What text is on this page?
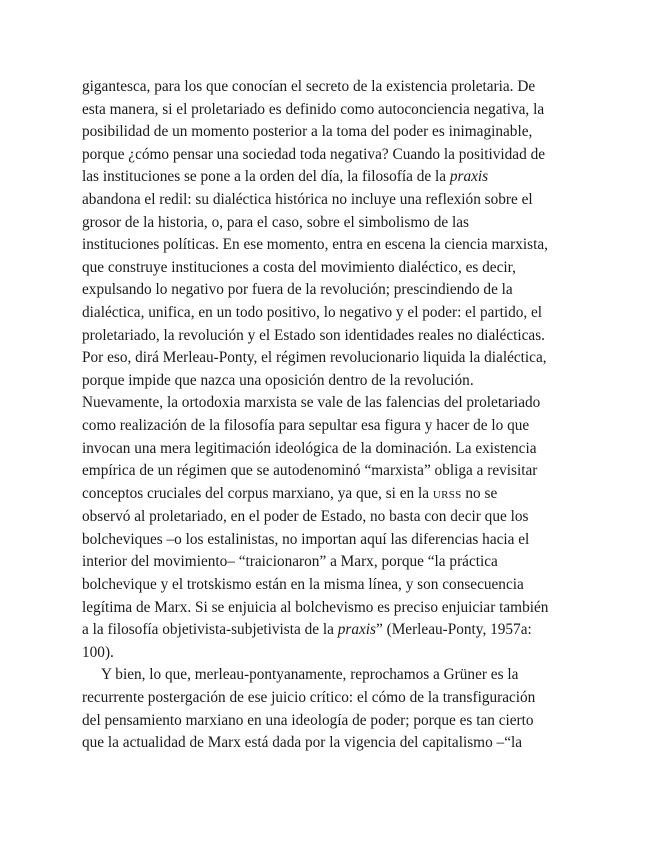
gigantesca, para los que conocían el secreto de la existencia proletaria. De
esta manera, si el proletariado es definido como autoconciencia negativa, la
posibilidad de un momento posterior a la toma del poder es inimaginable,
porque ¿cómo pensar una sociedad toda negativa? Cuando la positividad de
las instituciones se pone a la orden del día, la filosofía de la praxis
abandona el redil: su dialéctica histórica no incluye una reflexión sobre el
grosor de la historia, o, para el caso, sobre el simbolismo de las
instituciones políticas. En ese momento, entra en escena la ciencia marxista,
que construye instituciones a costa del movimiento dialéctico, es decir,
expulsando lo negativo por fuera de la revolución; prescindiendo de la
dialéctica, unifica, en un todo positivo, lo negativo y el poder: el partido, el
proletariado, la revolución y el Estado son identidades reales no dialécticas.
Por eso, dirá Merleau-Ponty, el régimen revolucionario liquida la dialéctica,
porque impide que nazca una oposición dentro de la revolución.
Nuevamente, la ortodoxia marxista se vale de las falencias del proletariado
como realización de la filosofía para sepultar esa figura y hacer de lo que
invocan una mera legitimación ideológica de la dominación. La existencia
empírica de un régimen que se autodenominó “marxista” obliga a revisitar
conceptos cruciales del corpus marxiano, ya que, si en la URSS no se
observó al proletariado, en el poder de Estado, no basta con decir que los
bolcheviques –o los estalinistas, no importan aquí las diferencias hacia el
interior del movimiento– “traicionaron” a Marx, porque “la práctica
bolchevique y el trotskismo están en la misma línea, y son consecuencia
legítima de Marx. Si se enjuicia al bolchevismo es preciso enjuiciar también
a la filosofía objetivista-subjetivista de la praxis” (Merleau-Ponty, 1957a:
100).
Y bien, lo que, merleau-pontyanamente, reprochamos a Grüner es la
recurrente postergación de ese juicio crítico: el cómo de la transfiguración
del pensamiento marxiano en una ideología de poder; porque es tan cierto
que la actualidad de Marx está dada por la vigencia del capitalismo –“la
